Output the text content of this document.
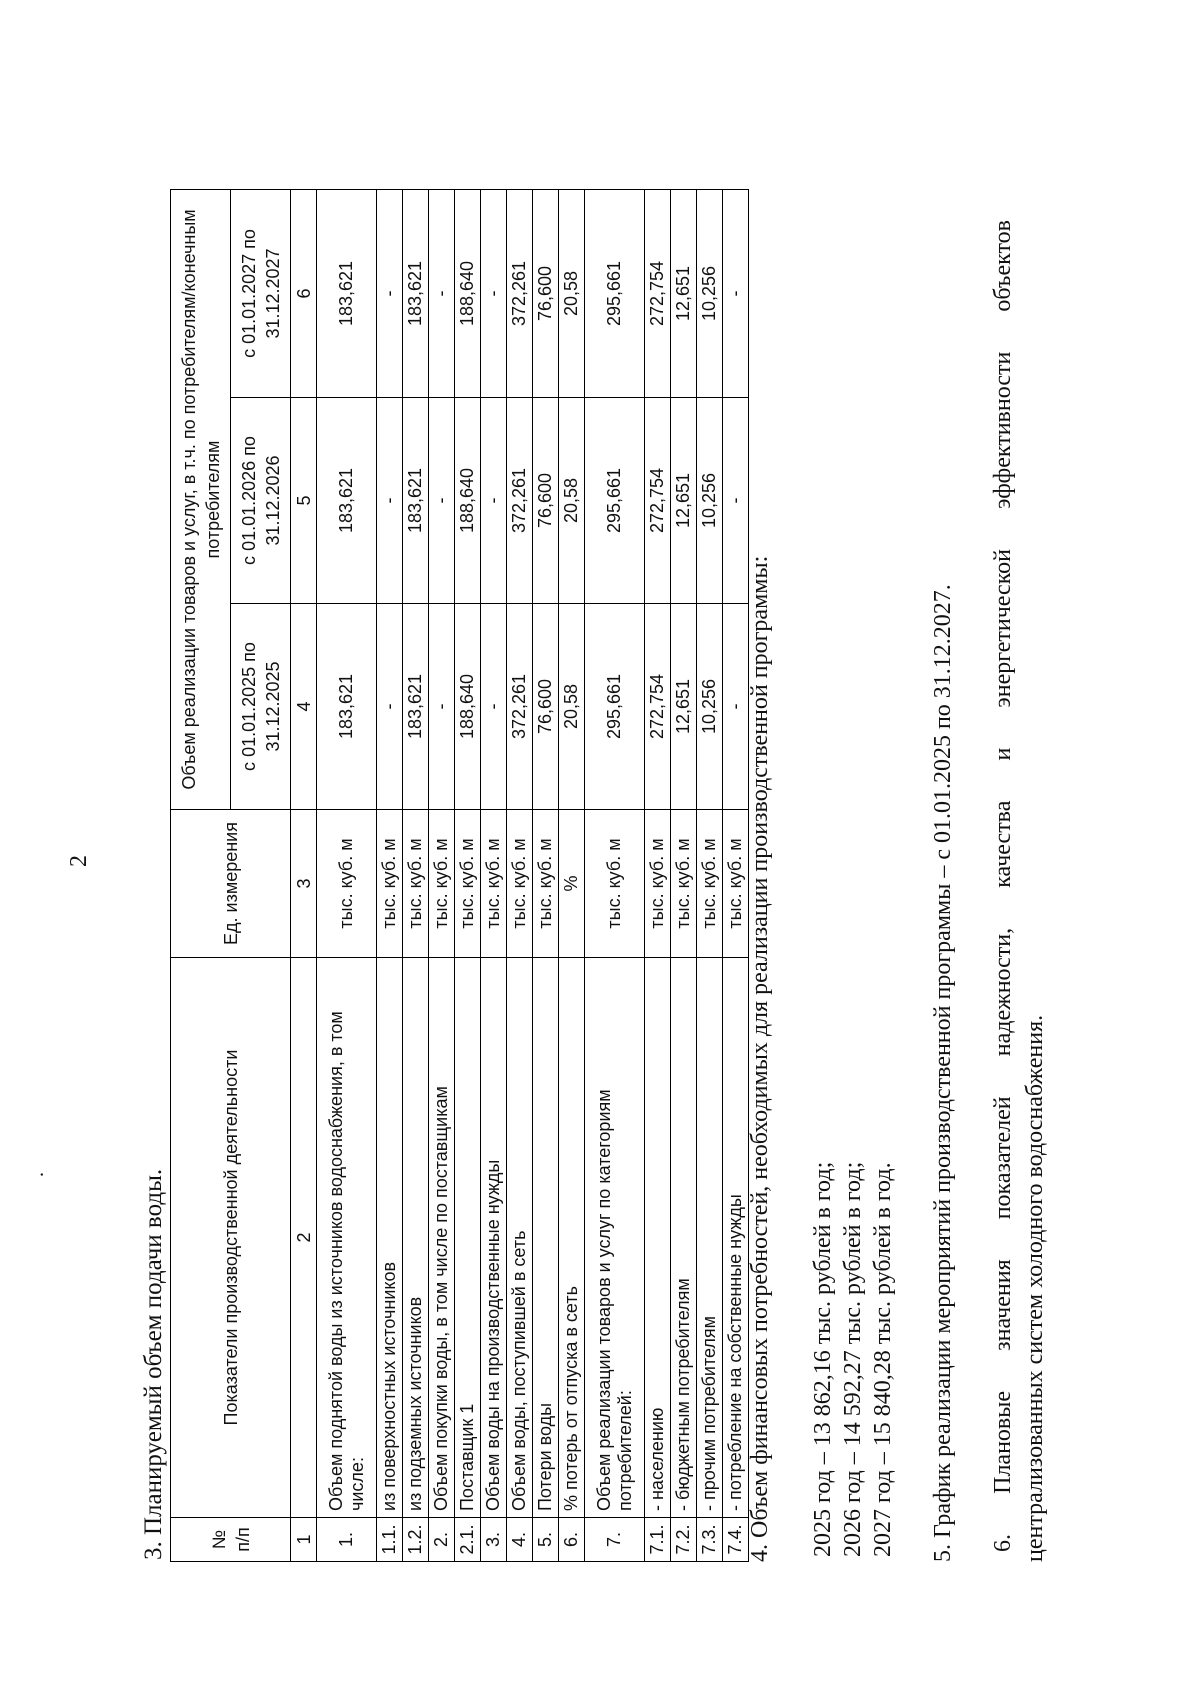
2
.	3. Планируемый объем подачи воды. № п/п	Показатели производственной деятельности	Ед. измерения	Объем реализации товаров и услуг, в т.ч. по потребителям/конечным потребителям		
			с 01.01.2025 по 31.12.2025	с 01.01.2026 по 31.12.2026	с 01.01.2027 по 31.12.2027
1	2	3	4	5	6
1.	Объем поднятой воды из источников водоснабжения, в том числе:	тыс. куб. м	183,621	183,621	183,621
1.1.	из поверхностных источников	тыс. куб. м	-	-	-
1.2.	из подземных источников	тыс. куб. м	183,621	183,621	183,621
2.	Объем покупки воды, в том числе по поставщикам	тыс. куб. м	-	-	-
2.1.	Поставщик 1	тыс. куб. м	188,640	188,640	188,640
3.	Объем воды на производственные нужды	тыс. куб. м	-	-	-
4.	Объем воды, поступившей в сеть	тыс. куб. м	372,261	372,261	372,261
5.	Потери воды	тыс. куб. м	76,600	76,600	76,600
6.	% потерь от отпуска в сеть	%	20,58	20,58	20,58
7.	Объем реализации товаров и услуг по категориям потребителей:	тыс. куб. м	295,661	295,661	295,661
7.1.	- населению	тыс. куб. м	272,754	272,754	272,754
7.2.	- бюджетным потребителям	тыс. куб. м	12,651	12,651	12,651
7.3.	- прочим потребителям	тыс. куб. м	10,256	10,256	10,256
7.4.	- потребление на собственные нужды	тыс. куб. м	-	-	-
4. Объем финансовых потребностей, необходимых для реализации производственной программы: 2025 год – 13 862,16 тыс. рублей в год; 2026 год – 14 592,27 тыс. рублей в год; 2027 год – 15 840,28 тыс. рублей в год. 5. График реализации мероприятий производственной программы – с 01.01.2025 по 31.12.2027. 6.
Плановые
значения
показателей
надежности,
качества
и
энергетической
эффективности
объектов
централизованных систем холодного водоснабжения.
